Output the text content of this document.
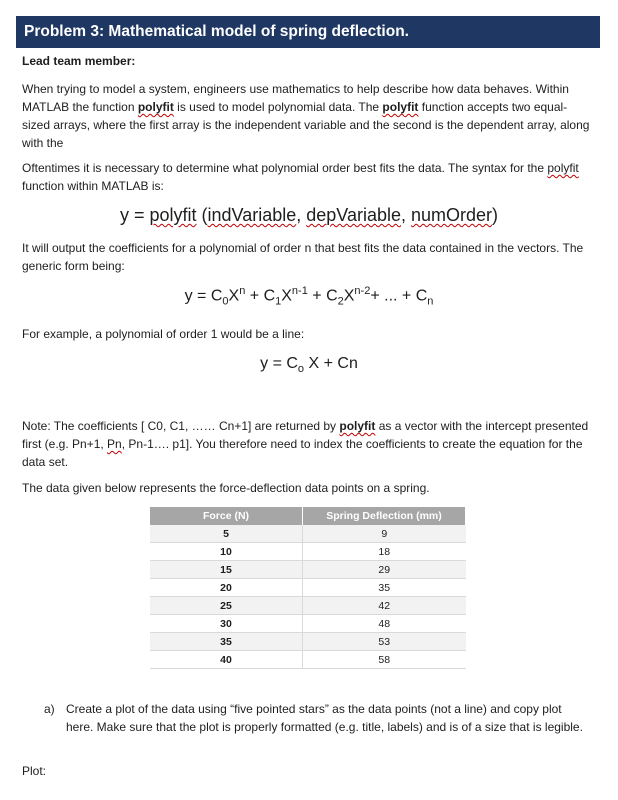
Problem 3: Mathematical model of spring deflection.
Lead team member:
When trying to model a system, engineers use mathematics to help describe how data behaves. Within MATLAB the function polyfit is used to model polynomial data. The polyfit function accepts two equal-sized arrays, where the first array is the independent variable and the second is the dependent array, along with the
Oftentimes it is necessary to determine what polynomial order best fits the data. The syntax for the polyfit function within MATLAB is:
y = polyfit (indVariable, depVariable, numOrder)
It will output the coefficients for a polynomial of order n that best fits the data contained in the vectors. The generic form being:
$y = C_0X^n + C_1X^{n-1} + C_2X^{n-2}+$ ... + $C_n$
For example, a polynomial of order 1 would be a line:
$y = C_o$ X + Cn
Note: The coefficients [ C0, C1, …… Cn+1] are returned by polyfit as a vector with the intercept presented first (e.g. Pn+1, Pn, Pn-1…. p1]. You therefore need to index the coefficients to create the equation for the data set.
The data given below represents the force-deflection data points on a spring.
Force (N)	Spring Deflection (mm)
5	9
10	18
15	29
20	35
25	42
30	48
35	53
40	58
a) Create a plot of the data using “five pointed stars” as the data points (not a line) and copy plot here. Make sure that the plot is properly formatted (e.g. title, labels) and is of a size that is legible.
Plot:
